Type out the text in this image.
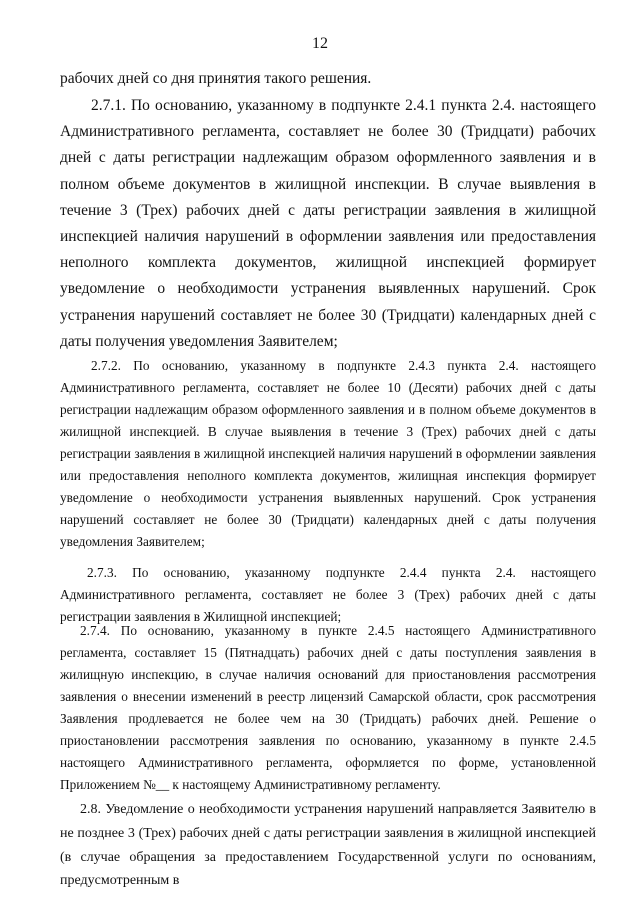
12

рабочих дней со дня принятия такого решения.

2.7.1. По основанию, указанному в подпункте 2.4.1 пункта 2.4. настоящего Административного регламента, составляет не более 30 (Тридцати) рабочих дней с даты регистрации надлежащим образом оформленного заявления и в полном объеме документов в жилищной инспекции. В случае выявления в течение 3 (Трех) рабочих дней с даты регистрации заявления в жилищной инспекцией наличия нарушений в оформлении заявления или предоставления неполного комплекта документов, жилищной инспекцией формирует уведомление о необходимости устранения выявленных нарушений. Срок устранения нарушений составляет не более 30 (Тридцати) календарных дней с даты получения уведомления Заявителем;

2.7.2. По основанию, указанному в подпункте 2.4.3 пункта 2.4. настоящего Административного регламента, составляет не более 10 (Десяти) рабочих дней с даты регистрации надлежащим образом оформленного заявления и в полном объеме документов в жилищной инспекцией. В случае выявления в течение 3 (Трех) рабочих дней с даты регистрации заявления в жилищной инспекцией наличия нарушений в оформлении заявления или предоставления неполного комплекта документов, жилищная инспекция формирует уведомление о необходимости устранения выявленных нарушений. Срок устранения нарушений составляет не более 30 (Тридцати) календарных дней с даты получения уведомления Заявителем;

2.7.3. По основанию, указанному подпункте 2.4.4 пункта 2.4. настоящего Административного регламента, составляет не более 3 (Трех) рабочих дней с даты регистрации заявления в Жилищной инспекцией;

2.7.4. По основанию, указанному в пункте 2.4.5 настоящего Административного регламента, составляет 15 (Пятнадцать) рабочих дней с даты поступления заявления в жилищную инспекцию, в случае наличия оснований для приостановления рассмотрения заявления о внесении изменений в реестр лицензий Самарской области, срок рассмотрения Заявления продлевается не более чем на 30 (Тридцать) рабочих дней. Решение о приостановлении рассмотрения заявления по основанию, указанному в пункте 2.4.5 настоящего Административного регламента, оформляется по форме, установленной Приложением №__ к настоящему Административному регламенту.

2.8. Уведомление о необходимости устранения нарушений направляется Заявителю в не позднее 3 (Трех) рабочих дней с даты регистрации заявления в жилищной инспекцией (в случае обращения за предоставлением Государственной услуги по основаниям, предусмотренным в
